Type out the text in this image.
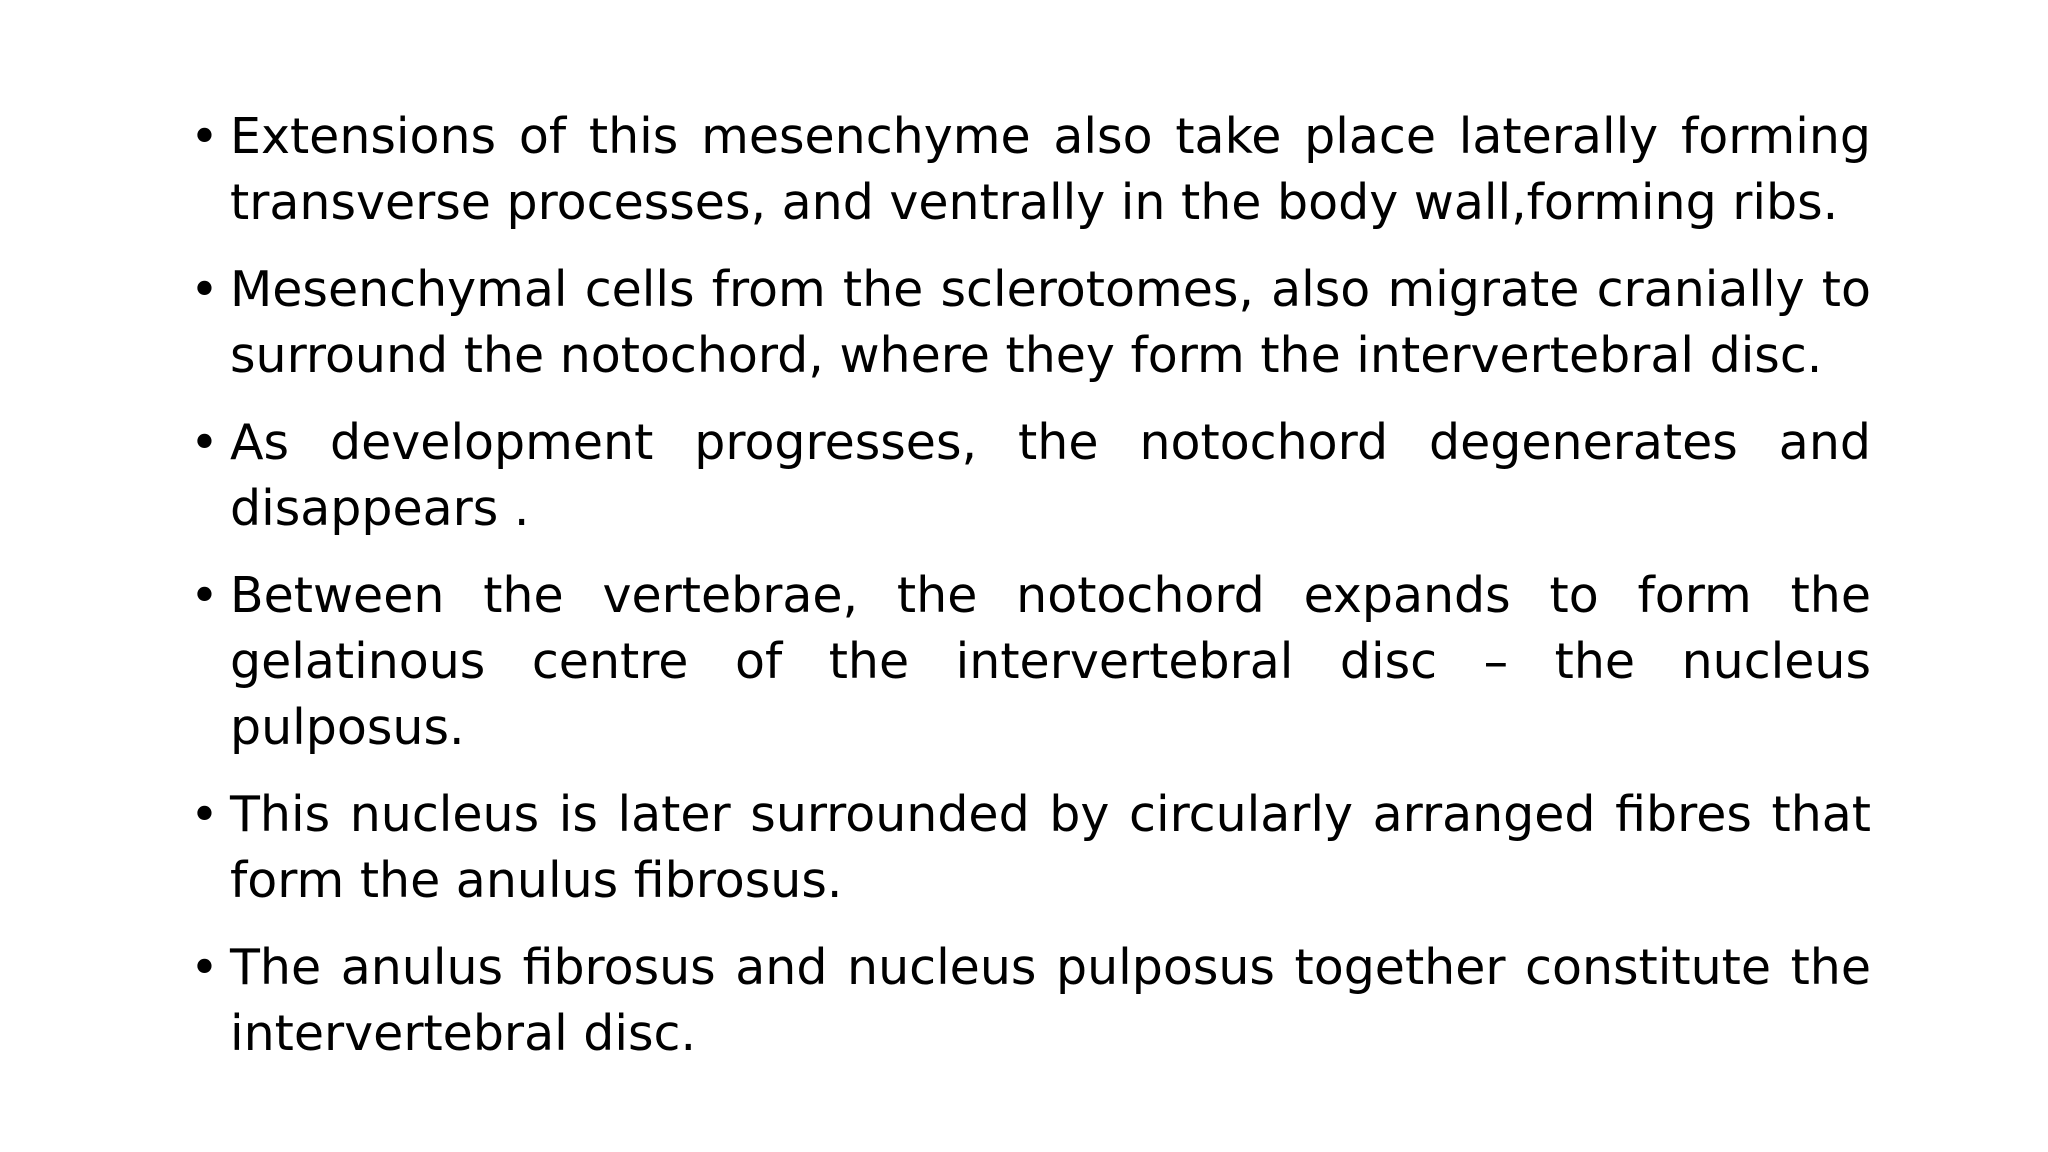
• Extensions of this mesenchyme also take place laterally forming transverse processes, and ventrally in the body wall,forming ribs.
• Mesenchymal cells from the sclerotomes, also migrate cranially to surround the notochord, where they form the intervertebral disc.
• As development progresses, the notochord degenerates and disappears .
• Between the vertebrae, the notochord expands to form the gelatinous centre of the intervertebral disc – the nucleus pulposus.
• This nucleus is later surrounded by circularly arranged fibres that form the anulus fibrosus.
• The anulus fibrosus and nucleus pulposus together constitute the intervertebral disc.
